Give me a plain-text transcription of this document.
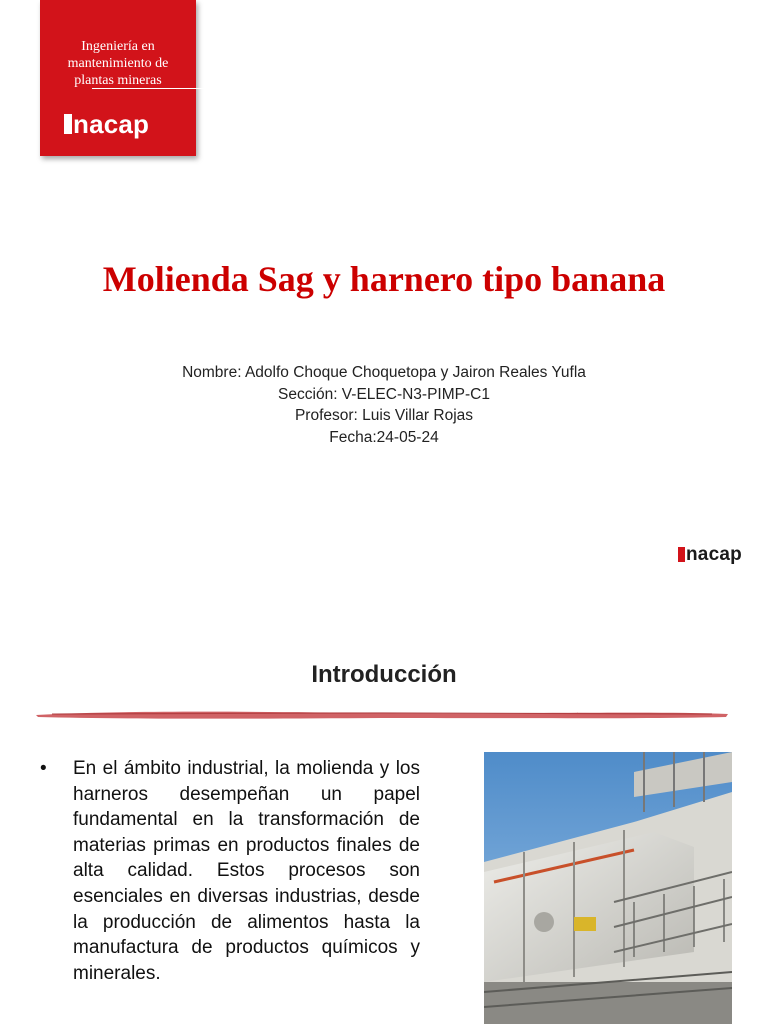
Ingeniería en
mantenimiento de
plantas mineras
nacap
Molienda Sag y harnero tipo banana
Nombre: Adolfo Choque Choquetopa y Jairon Reales Yufla
Sección: V-ELEC-N3-PIMP-C1
Profesor: Luis Villar Rojas
Fecha:24-05-24
nacap
Introducción
• En el ámbito industrial, la molienda y los harneros desempeñan un papel fundamental en la transformación de materias primas en productos finales de alta calidad. Estos procesos son esenciales en diversas industrias, desde la producción de alimentos hasta la manufactura de productos químicos y minerales.
